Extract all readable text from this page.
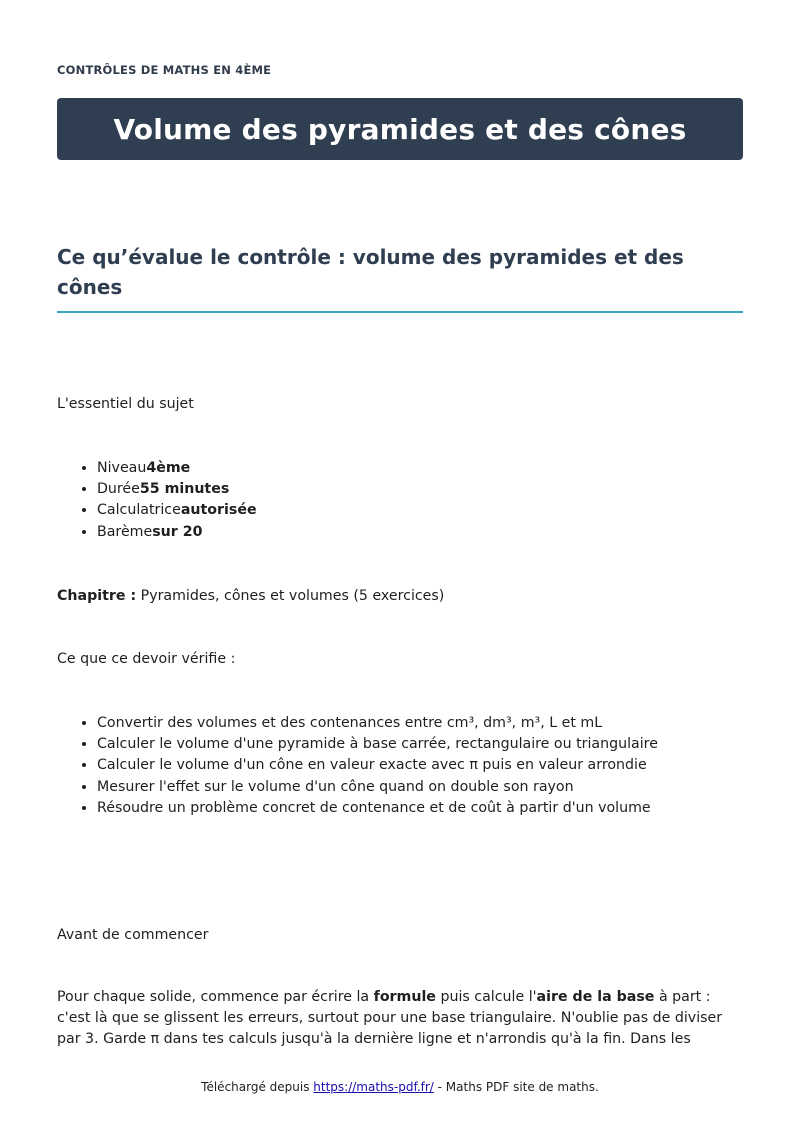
CONTRÔLES DE MATHS EN 4ÈME
Volume des pyramides et des cônes
Ce qu’évalue le contrôle : volume des pyramides et des cônes

L'essentiel du sujet

• Niveau4ème
• Durée55 minutes
• Calculatriceautorisée
• Barèmesur 20

Chapitre : Pyramides, cônes et volumes (5 exercices)

Ce que ce devoir vérifie :

• Convertir des volumes et des contenances entre cm³, dm³, m³, L et mL
• Calculer le volume d'une pyramide à base carrée, rectangulaire ou triangulaire
• Calculer le volume d'un cône en valeur exacte avec π puis en valeur arrondie
• Mesurer l'effet sur le volume d'un cône quand on double son rayon
• Résoudre un problème concret de contenance et de coût à partir d'un volume

Avant de commencer

Pour chaque solide, commence par écrire la formule puis calcule l'aire de la base à part : c'est là que se glissent les erreurs, surtout pour une base triangulaire. N'oublie pas de diviser par 3. Garde π dans tes calculs jusqu'à la dernière ligne et n'arrondis qu'à la fin. Dans les

Téléchargé depuis https://maths-pdf.fr/ - Maths PDF site de maths.
